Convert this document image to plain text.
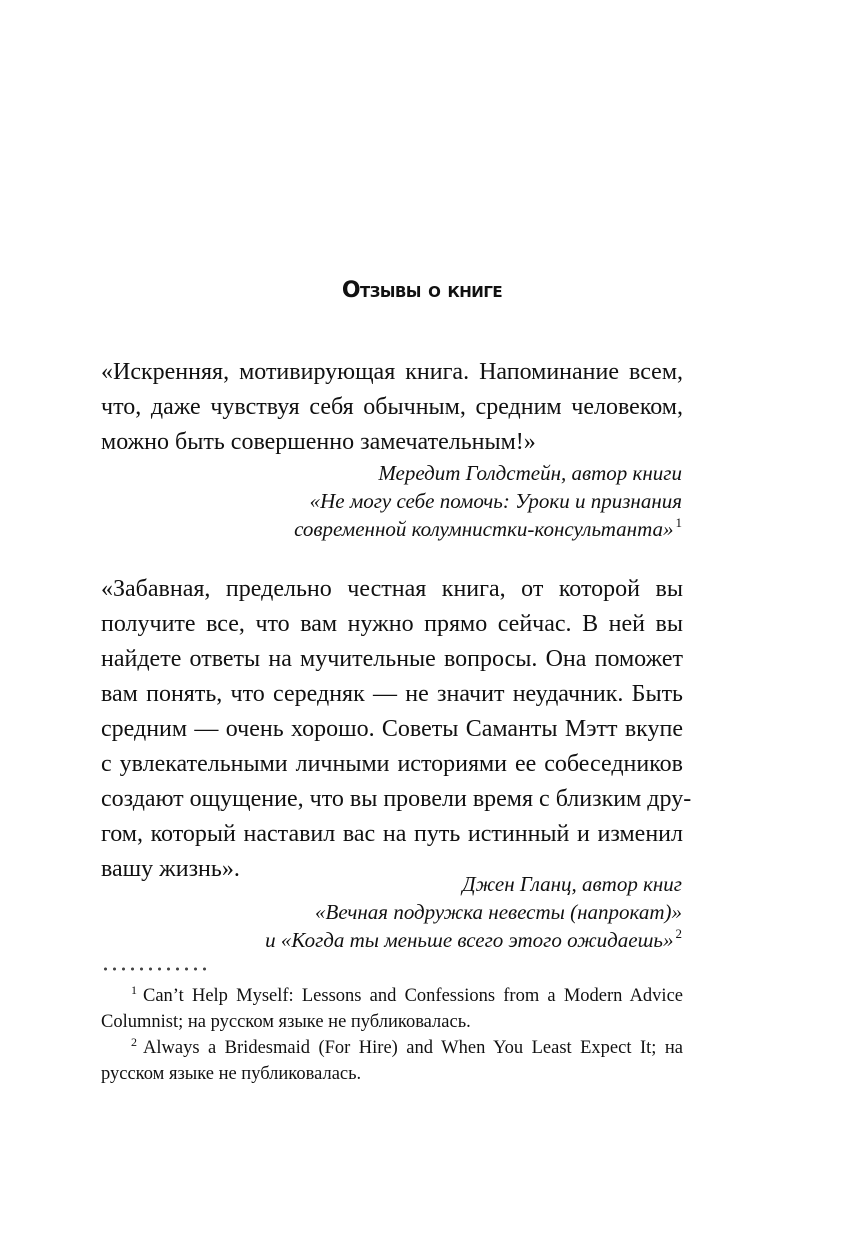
Отзывы о книге
«Искренняя, мотивирующая книга. Напоминание всем,
что, даже чувствуя себя обычным, средним человеком,
можно быть совершенно замечательным!»
Мередит Голдстейн, автор книги
«Не могу себе помочь: Уроки и признания
современной колумнистки-консультанта» $^1$
«Забавная, предельно честная книга, от которой вы
получите все, что вам нужно прямо сейчас. В ней вы
найдете ответы на мучительные вопросы. Она поможет
вам понять, что середняк — не значит неудачник. Быть
средним — очень хорошо. Советы Саманты Мэтт вкупе
с увлекательными личными историями ее собеседников
создают ощущение, что вы провели время с близким дру-
гом, который наставил вас на путь истинный и изменил
вашу жизнь».
Джен Гланц, автор книг
«Вечная подружка невесты (напрокат)»
и «Когда ты меньше всего этого ожидаешь» $^2$
$^1$ Can’t Help Myself: Lessons and Confessions from a Modern Advice
Columnist; на русском языке не публиковалась.
$^2$ Always a Bridesmaid (For Hire) and When You Least Expect It; на
русском языке не публиковалась.
